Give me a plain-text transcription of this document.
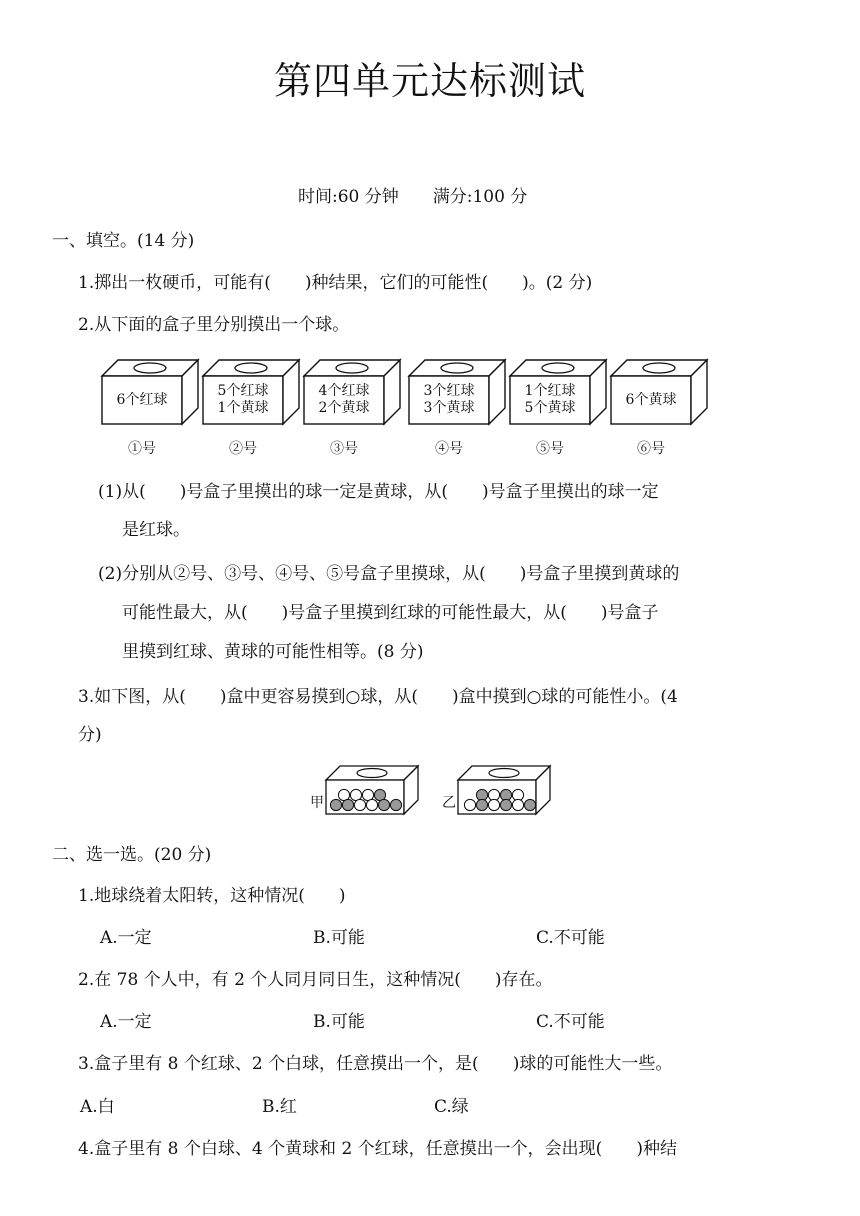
第四单元达标测试
时间:60 分钟　　满分:100 分
一、填空。(14 分)
1.掷出一枚硬币，可能有(　　)种结果，它们的可能性(　　)。(2 分)
2.从下面的盒子里分别摸出一个球。
6个红球
①号
5个红球
1个黄球
②号
4个红球
2个黄球
③号
3个红球
3个黄球
④号
1个红球
5个黄球
⑤号
6个黄球
⑥号
(1)从(　　)号盒子里摸出的球一定是黄球，从(　　)号盒子里摸出的球一定
是红球。
(2)分别从②号、③号、④号、⑤号盒子里摸球，从(　　)号盒子里摸到黄球的
可能性最大，从(　　)号盒子里摸到红球的可能性最大，从(　　)号盒子
里摸到红球、黄球的可能性相等。(8 分)
3.如下图，从(　　)盒中更容易摸到○球，从(　　)盒中摸到○球的可能性小。(4
分)
甲	乙
二、选一选。(20 分)
1.地球绕着太阳转，这种情况(　　)
A.一定	B.可能	C.不可能
2.在 78 个人中，有 2 个人同月同日生，这种情况(　　)存在。
A.一定	B.可能	C.不可能
3.盒子里有 8 个红球、2 个白球，任意摸出一个，是(　　)球的可能性大一些。
A.白	B.红	C.绿
4.盒子里有 8 个白球、4 个黄球和 2 个红球，任意摸出一个，会出现(　　)种结
